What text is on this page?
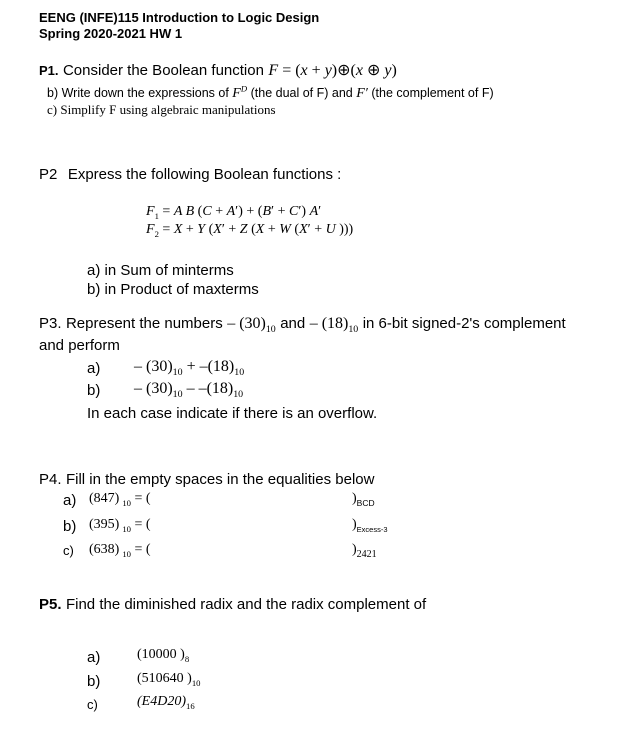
EENG (INFE)115 Introduction to Logic Design
Spring 2020-2021 HW 1
P1. Consider the Boolean function F = (x + y)⊕(x ⊕ y)
b) Write down the expressions of $F^D$ (the dual of F) and F′ (the complement of F)
c) Simplify F using algebraic manipulations
P2 Express the following Boolean functions :
$F_1 = A$ B (C + A′) + (B′ + C′) A′
$F_2 = X + Y$ (X′ + Z (X + W (X′ + U )))
a) in Sum of minterms
b) in Product of maxterms
P3. Represent the numbers – $(30)_{10}$ and – $(18)_{10}$ in 6-bit signed-2's complement
and perform
$a) - (30)_{10} + -(18)_{10}$
$b) - (30)_{10} - -(18)_{10}$
In each case indicate if there is an overflow.
P4. Fill in the empty spaces in the equalities below
a) (847) $_{10}$ = (	)$_{BCD}$
b) (395) $_{10}$ = (	)$_{Excess-3}$
c) (638) $_{10}$ = (	)$_{2421}$
P5. Find the diminished radix and the radix complement of
a)	(10000 )$_8$
b)	(510640 )$_{10}$
c)	$(E4D20)_{16}$
